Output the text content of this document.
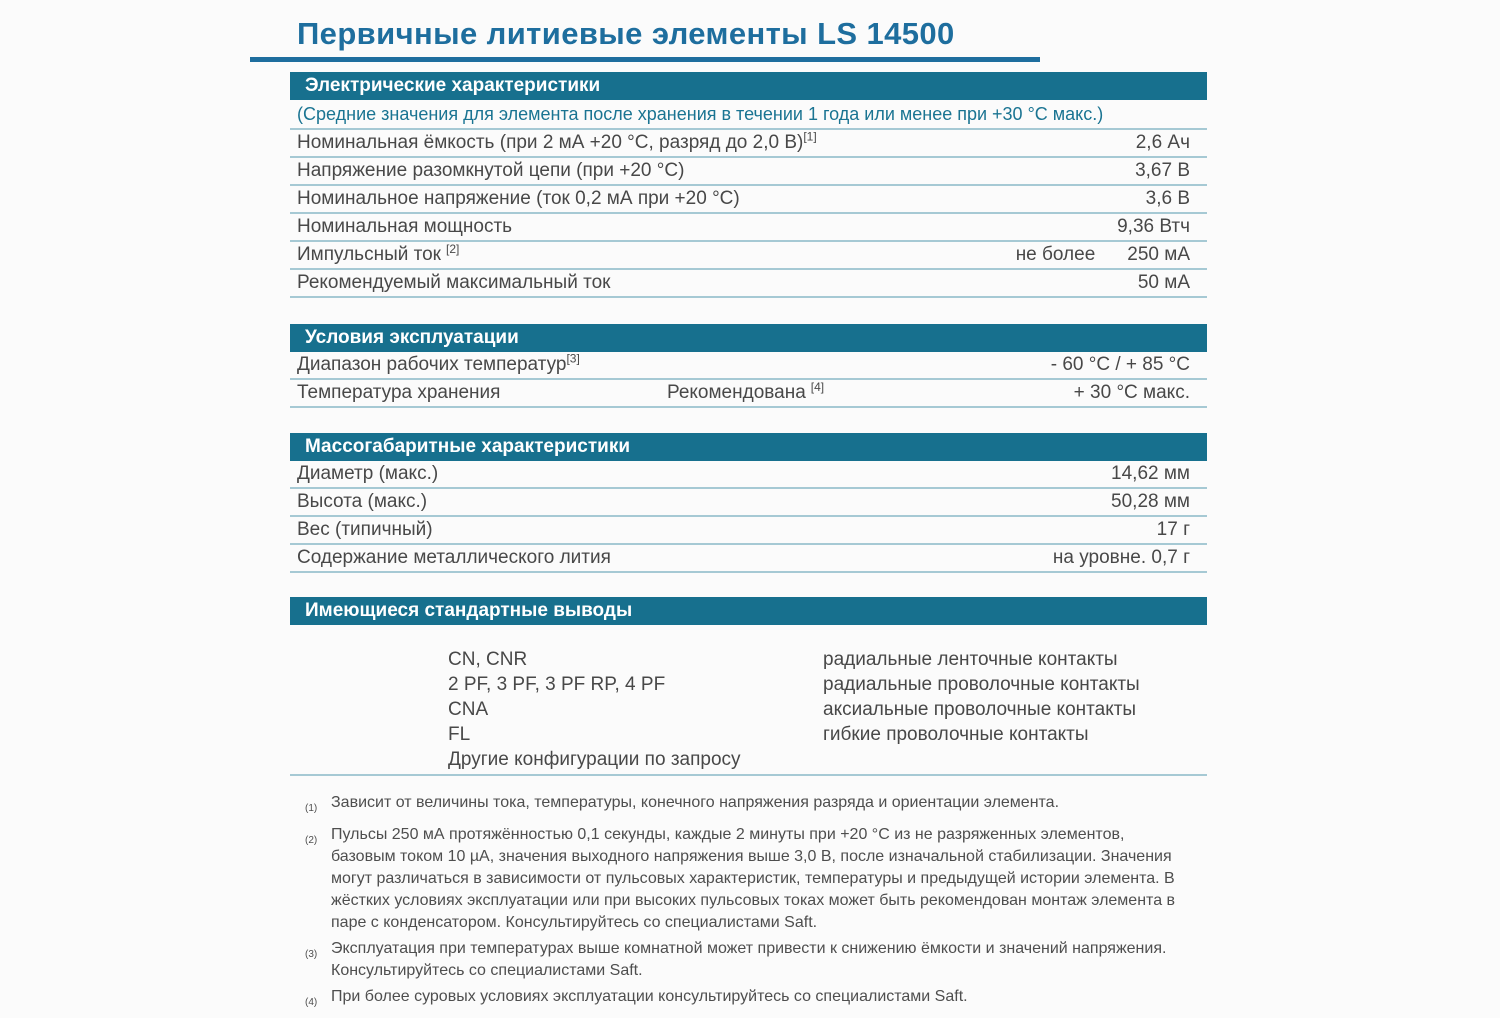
Первичные литиевые элементы LS 14500
Электрические характеристики
(Средние значения для элемента после хранения в течении 1 года или менее при +30 °C макс.)
Номинальная ёмкость (при 2 мА +20 °C, разряд до 2,0 В)[1]	2,6 Ач
Напряжение разомкнутой цепи (при +20 °C)	3,67 В
Номинальное напряжение (ток 0,2 мА при +20 °C)	3,6 В
Номинальная мощность	9,36 Втч
Импульсный ток [2]	не более 250 мА
Рекомендуемый максимальный ток	50 мА
Условия эксплуатации
Диапазон рабочих температур[3]	- 60 °C / + 85 °C
Температура хранения	Рекомендована [4]	+ 30 °C макс.
Массогабаритные характеристики
Диаметр (макс.)	14,62 мм
Высота (макс.)	50,28 мм
Вес (типичный)	17 г
Содержание металлического лития	на уровне. 0,7 г
Имеющиеся стандартные выводы
CN, CNR	радиальные ленточные контакты
2 PF, 3 PF, 3 PF RP, 4 PF	радиальные проволочные контакты
CNA	аксиальные проволочные контакты
FL	гибкие проволочные контакты
Другие конфигурации по запросу
(1) Зависит от величины тока, температуры, конечного напряжения разряда и ориентации элемента.
(2) Пульсы 250 мА протяжённостью 0,1 секунды, каждые 2 минуты при +20 °C из не разряженных элементов, базовым током 10 µА, значения выходного напряжения выше 3,0 В, после изначальной стабилизации. Значения могут различаться в зависимости от пульсовых характеристик, температуры и предыдущей истории элемента. В жёстких условиях эксплуатации или при высоких пульсовых токах может быть рекомендован монтаж элемента в паре с конденсатором. Консультируйтесь со специалистами Saft.
(3) Эксплуатация при температурах выше комнатной может привести к снижению ёмкости и значений напряжения. Консультируйтесь со специалистами Saft.
(4) При более суровых условиях эксплуатации консультируйтесь со специалистами Saft.
